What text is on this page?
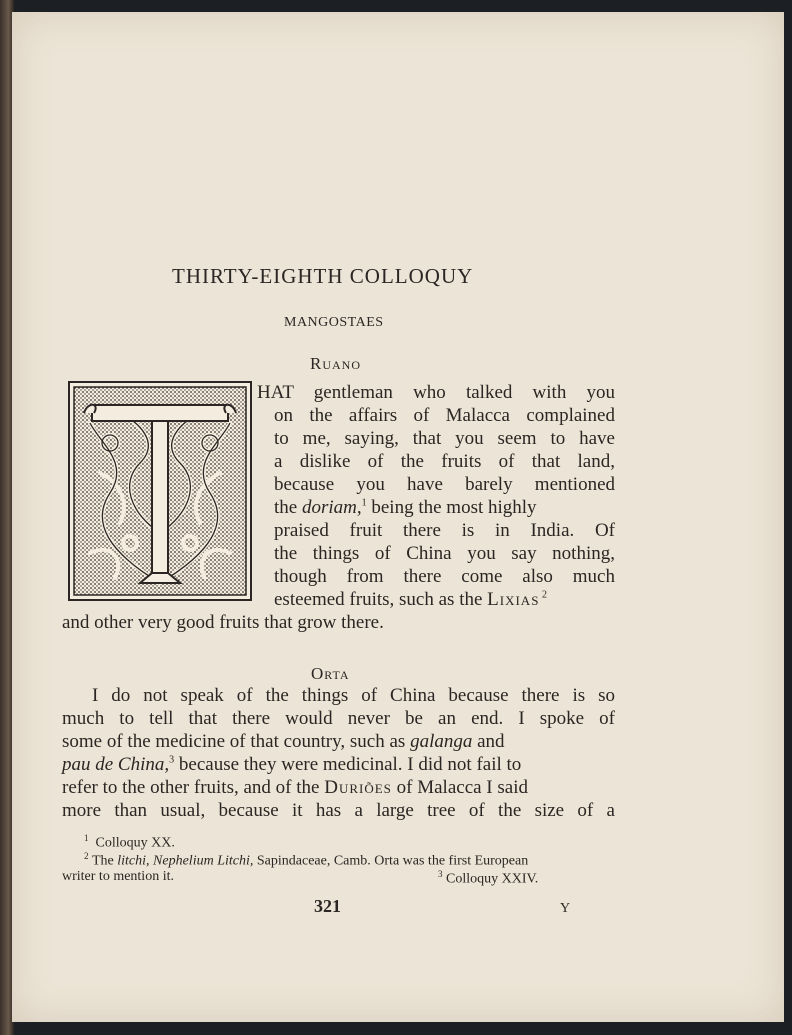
THIRTY-EIGHTH COLLOQUY
MANGOSTAES
Ruano
HAT gentleman who talked with you
on the affairs of Malacca complained
to me, saying, that you seem to have
a dislike of the fruits of that land,
because you have barely mentioned
the doriam,$^1$ being the most highly
praised fruit there is in India. Of
the things of China you say nothing,
though from there come also much
esteemed fruits, such as the Lixias $^2$
and other very good fruits that grow there.
Orta
I do not speak of the things of China because there is so
much to tell that there would never be an end. I spoke of
some of the medicine of that country, such as galanga and
pau de China,$^3$ because they were medicinal. I did not fail to
refer to the other fruits, and of the Duriões of Malacca I said
more than usual, because it has a large tree of the size of a
$^1$ Colloquy XX.
$^2$ The litchi, Nephelium Litchi, Sapindaceae, Camb. Orta was the first European
writer to mention it.	$^3$ Colloquy XXIV.
321	Y
